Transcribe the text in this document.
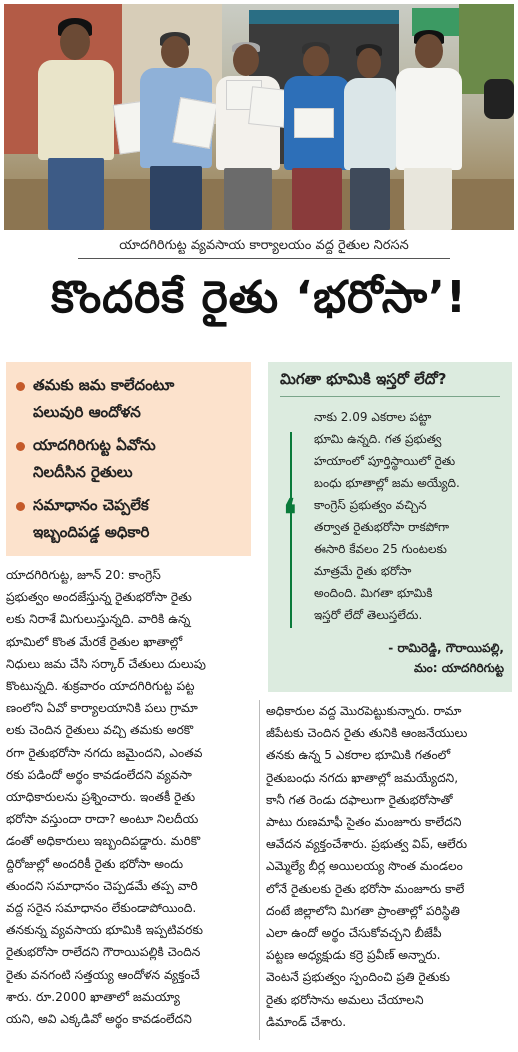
యాదగిరిగుట్ట వ్యవసాయ కార్యాలయం వద్ద రైతుల నిరసన
కొందరికే రైతు ‘భరోసా’!
తమకు జమ కాలేదంటూ
పలువురి ఆందోళన
యాదగిరిగుట్ట ఏవోను
నిలదీసిన రైతులు
సమాధానం చెప్పలేక
ఇబ్బందిపడ్డ అధికారి
మిగతా భూమికి ఇస్తరో లేదో?
❛
నాకు 2.09 ఎకరాల పట్టా
భూమి ఉన్నది. గత ప్రభుత్వ
హయాంలో పూర్తిస్థాయిలో రైతు
బంధు భూతాల్లో జమ అయ్యేది.
కాంగ్రెస్ ప్రభుత్వం వచ్చిన
తర్వాత రైతుభరోసా రాకపోగా
ఈసారి కేవలం 25 గుంటలకు
మాత్రమే రైతు భరోసా
అందింది. మిగతా భూమికి
ఇస్తరో లేదో తెలుస్తలేదు.
- రామిరెడ్డి, గౌరాయిపల్లి,
మం: యాదగిరిగుట్ట
యాదగిరిగుట్ట, జూన్ 20: కాంగ్రెస్
ప్రభుత్వం అందజేస్తున్న రైతుభరోసా రైతు
లకు నిరాశే మిగులుస్తున్నది. వారికి ఉన్న
భూమిలో కొంత మేరకే రైతుల ఖాతాల్లో
నిధులు జమ చేసి సర్కార్ చేతులు దులుపు
కొంటున్నది. శుక్రవారం యాదగిరిగుట్ట పట్ట
ణంలోని ఏవో కార్యాలయానికి పలు గ్రామా
లకు చెందిన రైతులు వచ్చి తమకు అరకొ
రగా రైతుభరోసా నగదు జమైందని, ఎంతవ
రకు పడిందో అర్థం కావడంలేదని వ్యవసా
యాధికారులను ప్రశ్నించారు. ఇంతకీ రైతు
భరోసా వస్తుందా రాదా? అంటూ నిలదీయ
డంతో అధికారులు ఇబ్బందిపడ్డారు. మరికొ
ద్దిరోజుల్లో అందరికీ రైతు భరోసా అందు
తుందని సమాధానం చెప్పడమే తప్ప వారి
వద్ద సరైన సమాధానం లేకుండాపోయింది.
తనకున్న వ్యవసాయ భూమికి ఇప్పటివరకు
రైతుభరోసా రాలేదని గౌరాయిపల్లికి చెందిన
రైతు వనగంటి సత్తయ్య ఆందోళన వ్యక్తంచే
శారు. రూ.2000 ఖాతాలో జమయ్యా
యని, అవి ఎక్కడివో అర్థం కావడంలేదని
అధికారుల వద్ద మొరపెట్టుకున్నారు. రామా
జీపేటకు చెందిన రైతు తునికి ఆంజనేయులు
తనకు ఉన్న 5 ఎకరాల భూమికి గతంలో
రైతుబంధు నగదు ఖాతాల్లో జమయ్యేదని,
కానీ గత రెండు దఫాలుగా రైతుభరోసాతో
పాటు రుణమాఫీ సైతం మంజూరు కాలేదని
ఆవేదన వ్యక్తంచేశారు. ప్రభుత్వ విప్, ఆలేరు
ఎమ్మెల్యే బీర్ల అయిలయ్య సొంత మండలం
లోనే రైతులకు రైతు భరోసా మంజూరు కాలే
దంటే జిల్లాలోని మిగతా ప్రాంతాల్లో పరిస్థితి
ఎలా ఉందో అర్థం చేసుకోవచ్చని బీజేపీ
పట్టణ అధ్యక్షుడు కర్రె ప్రవీణ్ అన్నారు.
వెంటనే ప్రభుత్వం స్పందించి ప్రతి రైతుకు
రైతు భరోసాను అమలు చేయాలని
డిమాండ్ చేశారు.
